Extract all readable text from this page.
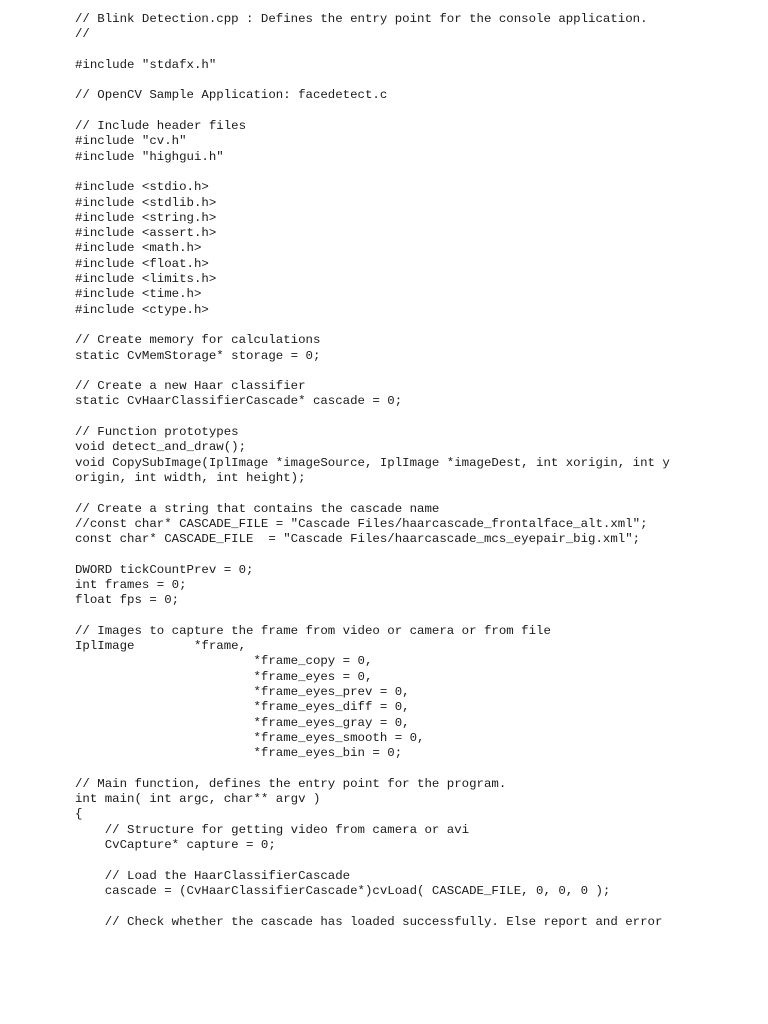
// Blink Detection.cpp : Defines the entry point for the console application.
//
#include "stdafx.h"
// OpenCV Sample Application: facedetect.c
// Include header files
#include "cv.h"
#include "highgui.h"
#include <stdio.h>
#include <stdlib.h>
#include <string.h>
#include <assert.h>
#include <math.h>
#include <float.h>
#include <limits.h>
#include <time.h>
#include <ctype.h>
// Create memory for calculations
static CvMemStorage* storage = 0;
// Create a new Haar classifier
static CvHaarClassifierCascade* cascade = 0;
// Function prototypes
void detect_and_draw();
void CopySubImage(IplImage *imageSource, IplImage *imageDest, int xorigin, int y
origin, int width, int height);
// Create a string that contains the cascade name
//const char* CASCADE_FILE = "Cascade Files/haarcascade_frontalface_alt.xml";
const char* CASCADE_FILE  = "Cascade Files/haarcascade_mcs_eyepair_big.xml";
DWORD tickCountPrev = 0;
int frames = 0;
float fps = 0;
// Images to capture the frame from video or camera or from file
IplImage        *frame,
*frame_copy = 0,
*frame_eyes = 0,
*frame_eyes_prev = 0,
*frame_eyes_diff = 0,
*frame_eyes_gray = 0,
*frame_eyes_smooth = 0,
*frame_eyes_bin = 0;
// Main function, defines the entry point for the program.
int main( int argc, char** argv )
{
// Structure for getting video from camera or avi
CvCapture* capture = 0;
// Load the HaarClassifierCascade
cascade = (CvHaarClassifierCascade*)cvLoad( CASCADE_FILE, 0, 0, 0 );
// Check whether the cascade has loaded successfully. Else report and error
